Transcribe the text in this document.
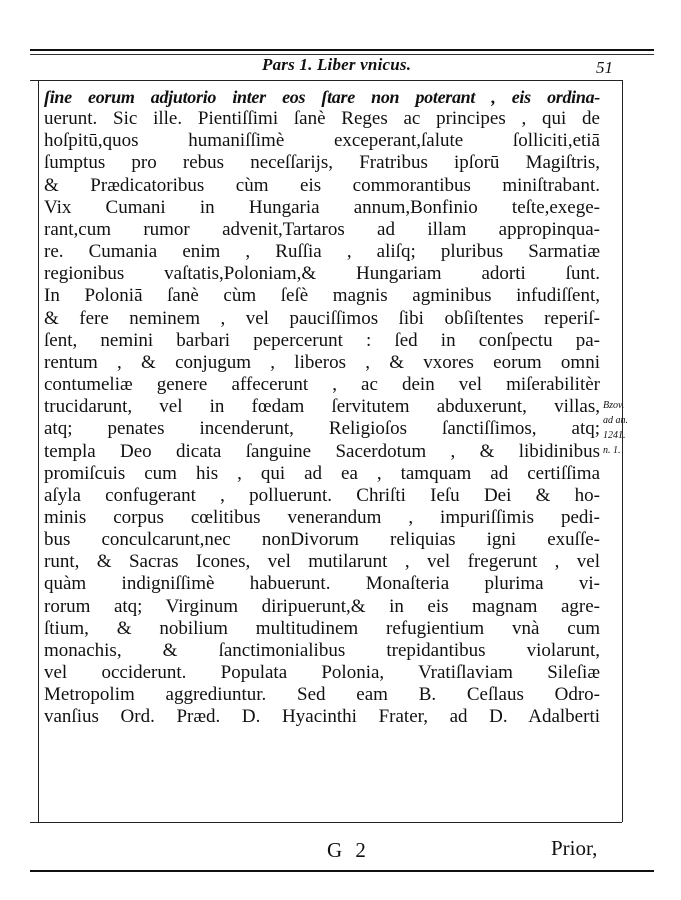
Pars 1. Liber vnicus.	51
ſine eorum adjutorio inter eos ſtare non poterant , eis ordina-
uerunt. Sic ille. Pientiſſimi ſanè Reges ac principes , qui de
hoſpitū,quos humaniſſimè exceperant,ſalute ſolliciti,etiā
ſumptus pro rebus neceſſarijs, Fratribus ipſorū Magiſtris,
& Prædicatoribus cùm eis commorantibus miniſtrabant.
Vix Cumani in Hungaria annum,Bonfinio teſte,exege-
rant,cum rumor advenit,Tartaros ad illam appropinqua-
re. Cumania enim , Ruſſia , aliſq; pluribus Sarmatiæ
regionibus vaſtatis,Poloniam,& Hungariam adorti ſunt.
In Poloniā ſanè cùm ſeſè magnis agminibus infudiſſent,
& fere neminem , vel pauciſſimos ſibi obſiſtentes reperiſ-
ſent, nemini barbari pepercerunt : ſed in conſpectu pa-
rentum , & conjugum , liberos , & vxores eorum omni
contumeliæ genere affecerunt , ac dein vel miſerabilitèr
trucidarunt, vel in fœdam ſervitutem abduxerunt, villas,
atq; penates incenderunt, Religioſos ſanctiſſimos, atq;
templa Deo dicata ſanguine Sacerdotum , & libidinibus
promiſcuis cum his , qui ad ea , tamquam ad certiſſima
aſyla confugerant , polluerunt. Chriſti Ieſu Dei & ho-
minis corpus cœlitibus venerandum , impuriſſimis pedi-
bus conculcarunt,nec nonDivorum reliquias igni exuſſe-
runt, & Sacras Icones, vel mutilarunt , vel fregerunt , vel
quàm indigniſſimè habuerunt. Monaſteria plurima vi-
rorum atq; Virginum diripuerunt,& in eis magnam agre-
ſtium, & nobilium multitudinem refugientium vnà cum
monachis, & ſanctimonialibus trepidantibus violarunt,
vel occiderunt. Populata Polonia, Vratiſlaviam Sileſiæ
Metropolim aggrediuntur. Sed eam B. Ceſlaus Odro-
vanſius Ord. Præd. D. Hyacinthi Frater, ad D. Adalberti
Bzov.
ad an.
1241.
n. 1.
G 2	Prior,
